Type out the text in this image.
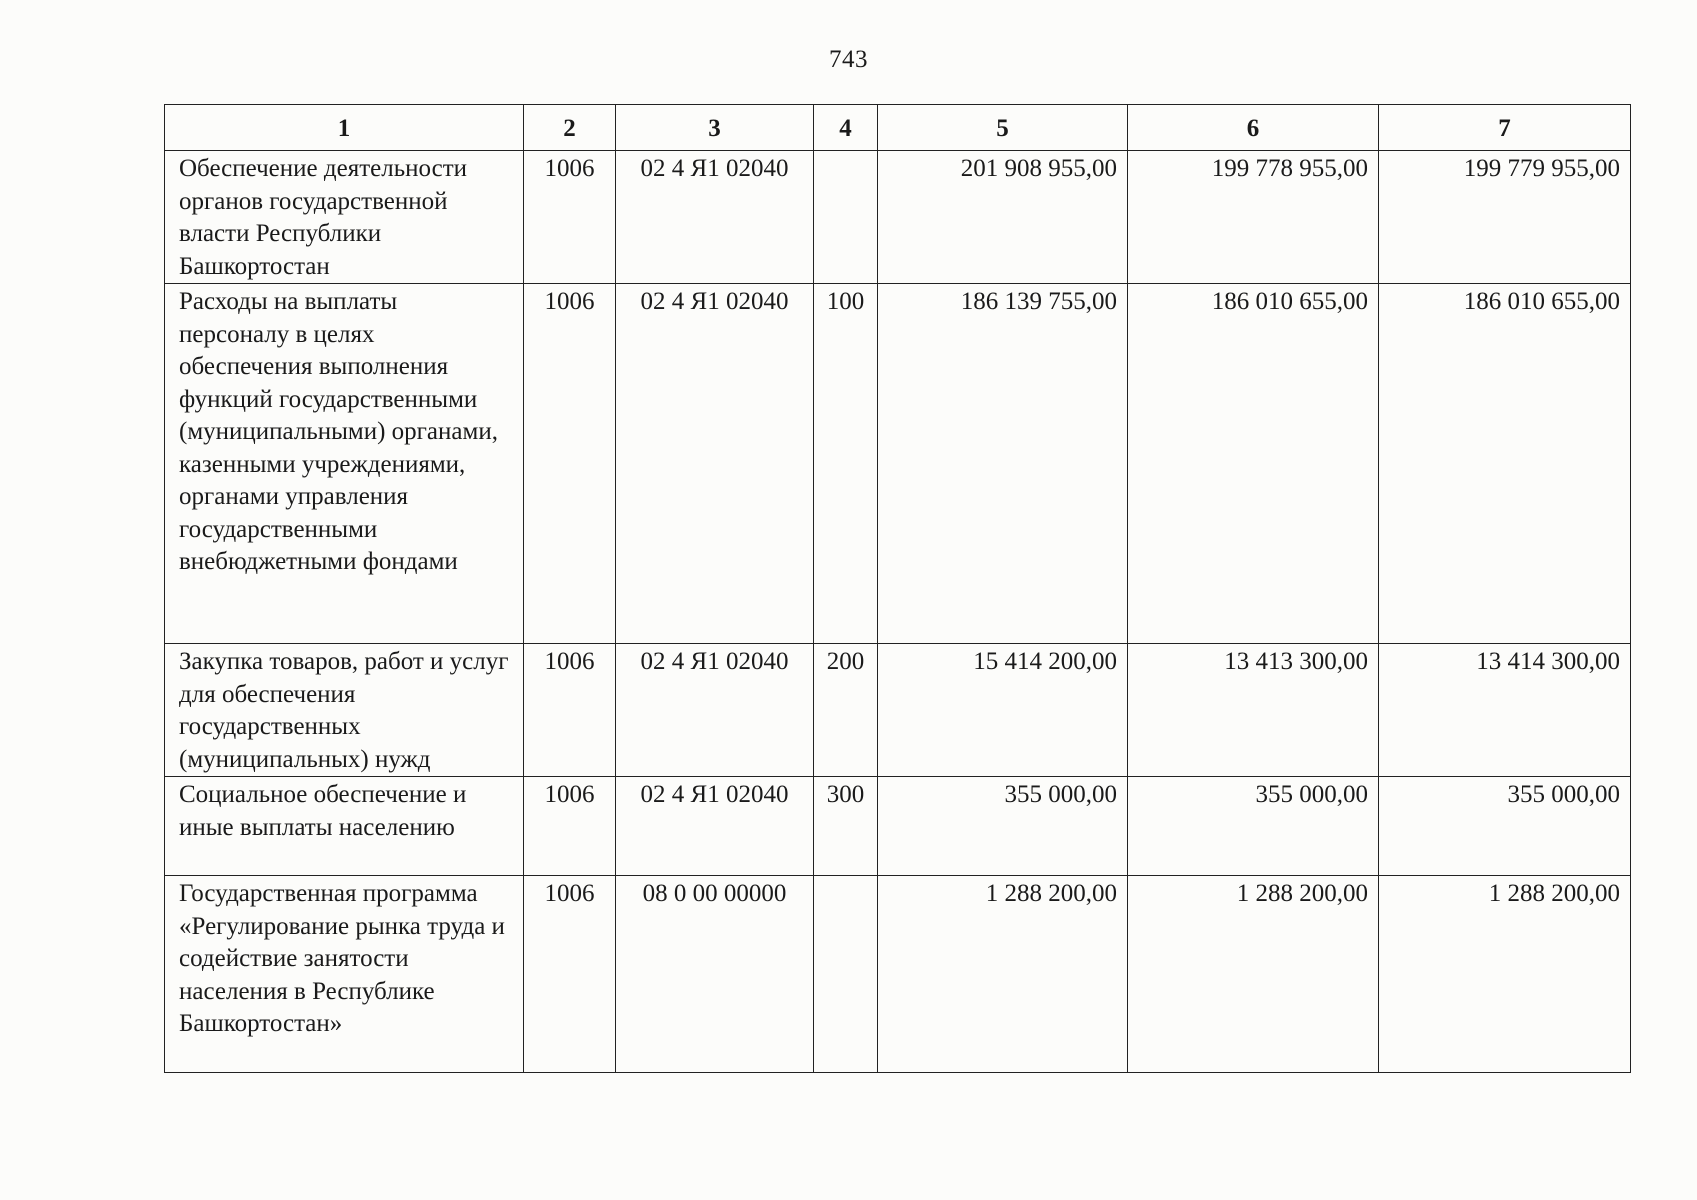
743
1	2	3	4	5	6	7
Обеспечение деятельности органов государственной власти Республики Башкортостан	1006	02 4 Я1 02040		201 908 955,00	199 778 955,00	199 779 955,00
Расходы на выплаты персоналу в целях обеспечения выполнения функций государственными (муниципальными) органами, казенными учреждениями, органами управления государственными внебюджетными фондами	1006	02 4 Я1 02040	100	186 139 755,00	186 010 655,00	186 010 655,00
Закупка товаров, работ и услуг для обеспечения государственных (муниципальных) нужд	1006	02 4 Я1 02040	200	15 414 200,00	13 413 300,00	13 414 300,00
Социальное обеспечение и иные выплаты населению	1006	02 4 Я1 02040	300	355 000,00	355 000,00	355 000,00
Государственная программа «Регулирование рынка труда и содействие занятости населения в Республике Башкортостан»	1006	08 0 00 00000		1 288 200,00	1 288 200,00	1 288 200,00
